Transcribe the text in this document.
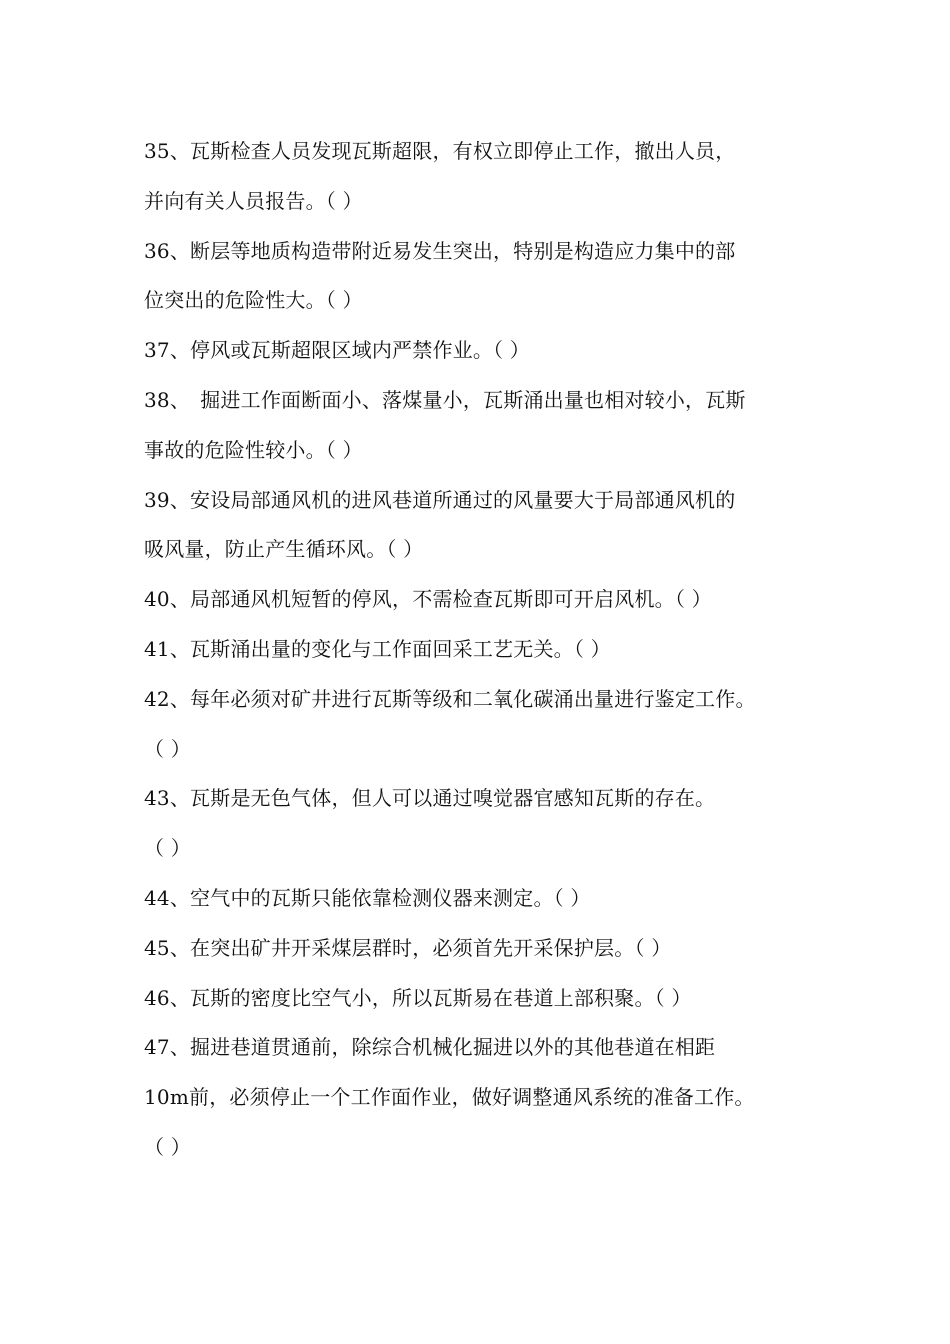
35、瓦斯检查人员发现瓦斯超限，有权立即停止工作，撤出人员，
并向有关人员报告。（ ）
36、断层等地质构造带附近易发生突出，特别是构造应力集中的部
位突出的危险性大。（ ）
37、停风或瓦斯超限区域内严禁作业。（ ）
38、　掘进工作面断面小、落煤量小，瓦斯涌出量也相对较小，瓦斯
事故的危险性较小。（ ）
39、安设局部通风机的进风巷道所通过的风量要大于局部通风机的
吸风量，防止产生循环风。（ ）
40、局部通风机短暂的停风，不需检查瓦斯即可开启风机。（ ）
41、瓦斯涌出量的变化与工作面回采工艺无关。（ ）
42、每年必须对矿井进行瓦斯等级和二氧化碳涌出量进行鉴定工作。
（ ）
43、瓦斯是无色气体，但人可以通过嗅觉器官感知瓦斯的存在。
（ ）
44、空气中的瓦斯只能依靠检测仪器来测定。（ ）
45、在突出矿井开采煤层群时，必须首先开采保护层。（ ）
46、瓦斯的密度比空气小，所以瓦斯易在巷道上部积聚。（ ）
47、掘进巷道贯通前，除综合机械化掘进以外的其他巷道在相距
10m前，必须停止一个工作面作业，做好调整通风系统的准备工作。
（ ）
